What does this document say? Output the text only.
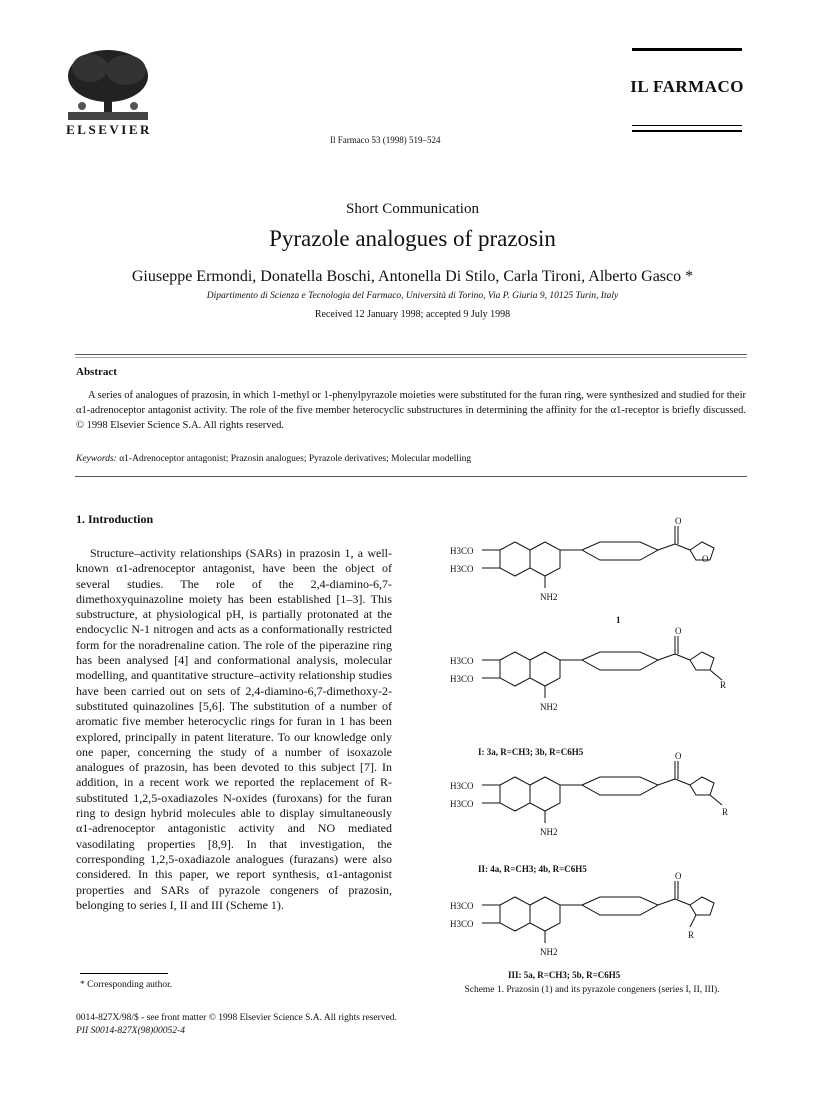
ELSEVIER
Il Farmaco 53 (1998) 519–524
IL FARMACO
Short Communication
Pyrazole analogues of prazosin
Giuseppe Ermondi, Donatella Boschi, Antonella Di Stilo, Carla Tironi, Alberto Gasco *
Dipartimento di Scienza e Tecnologia del Farmaco, Università di Torino, Via P. Giuria 9, 10125 Turin, Italy
Received 12 January 1998; accepted 9 July 1998
Abstract
A series of analogues of prazosin, in which 1-methyl or 1-phenylpyrazole moieties were substituted for the furan ring, were synthesized and studied for their α1-adrenoceptor antagonist activity. The role of the five member heterocyclic substructures in determining the affinity for the α1-receptor is briefly discussed. © 1998 Elsevier Science S.A. All rights reserved.
Keywords: α1-Adrenoceptor antagonist; Prazosin analogues; Pyrazole derivatives; Molecular modelling
1. Introduction
Structure–activity relationships (SARs) in prazosin 1, a well-known α1-adrenoceptor antagonist, have been the object of several studies. The role of the 2,4-diamino-6,7-dimethoxyquinazoline moiety has been established [1–3]. This substructure, at physiological pH, is partially protonated at the endocyclic N-1 nitrogen and acts as a conformationally restricted form for the noradrenaline cation. The role of the piperazine ring has been analysed [4] and conformational analysis, molecular modelling, and quantitative structure–activity relationship studies have been carried out on sets of 2,4-diamino-6,7-dimethoxy-2-substituted quinazolines [5,6]. The substitution of a number of aromatic five member heterocyclic rings for furan in 1 has been explored, principally in patent literature. To our knowledge only one paper, concerning the study of a number of isoxazole analogues of prazosin, has been devoted to this subject [7]. In addition, in a recent work we reported the replacement of R-substituted 1,2,5-oxadiazoles N-oxides (furoxans) for the furan ring to design hybrid molecules able to display simultaneously α1-adrenoceptor antagonistic activity and NO mediated vasodilating properties [8,9]. In that investigation, the corresponding 1,2,5-oxadiazole analogues (furazans) were also considered. In this paper, we report synthesis, α1-antagonist properties and SARs of pyrazole congeners of prazosin, belonging to series I, II and III (Scheme 1).
* Corresponding author.
0014-827X/98/$ - see front matter © 1998 Elsevier Science S.A. All rights reserved.
PII S0014-827X(98)00052-4
H3CO
H3CO
NH2
O
O
1
H3CO
H3CO
NH2
O
R
I: 3a, R=CH3; 3b, R=C6H5
H3CO
H3CO
NH2
O
R
II: 4a, R=CH3; 4b, R=C6H5
H3CO
H3CO
NH2
O
R
III: 5a, R=CH3; 5b, R=C6H5
Scheme 1. Prazosin (1) and its pyrazole congeners (series I, II, III).
